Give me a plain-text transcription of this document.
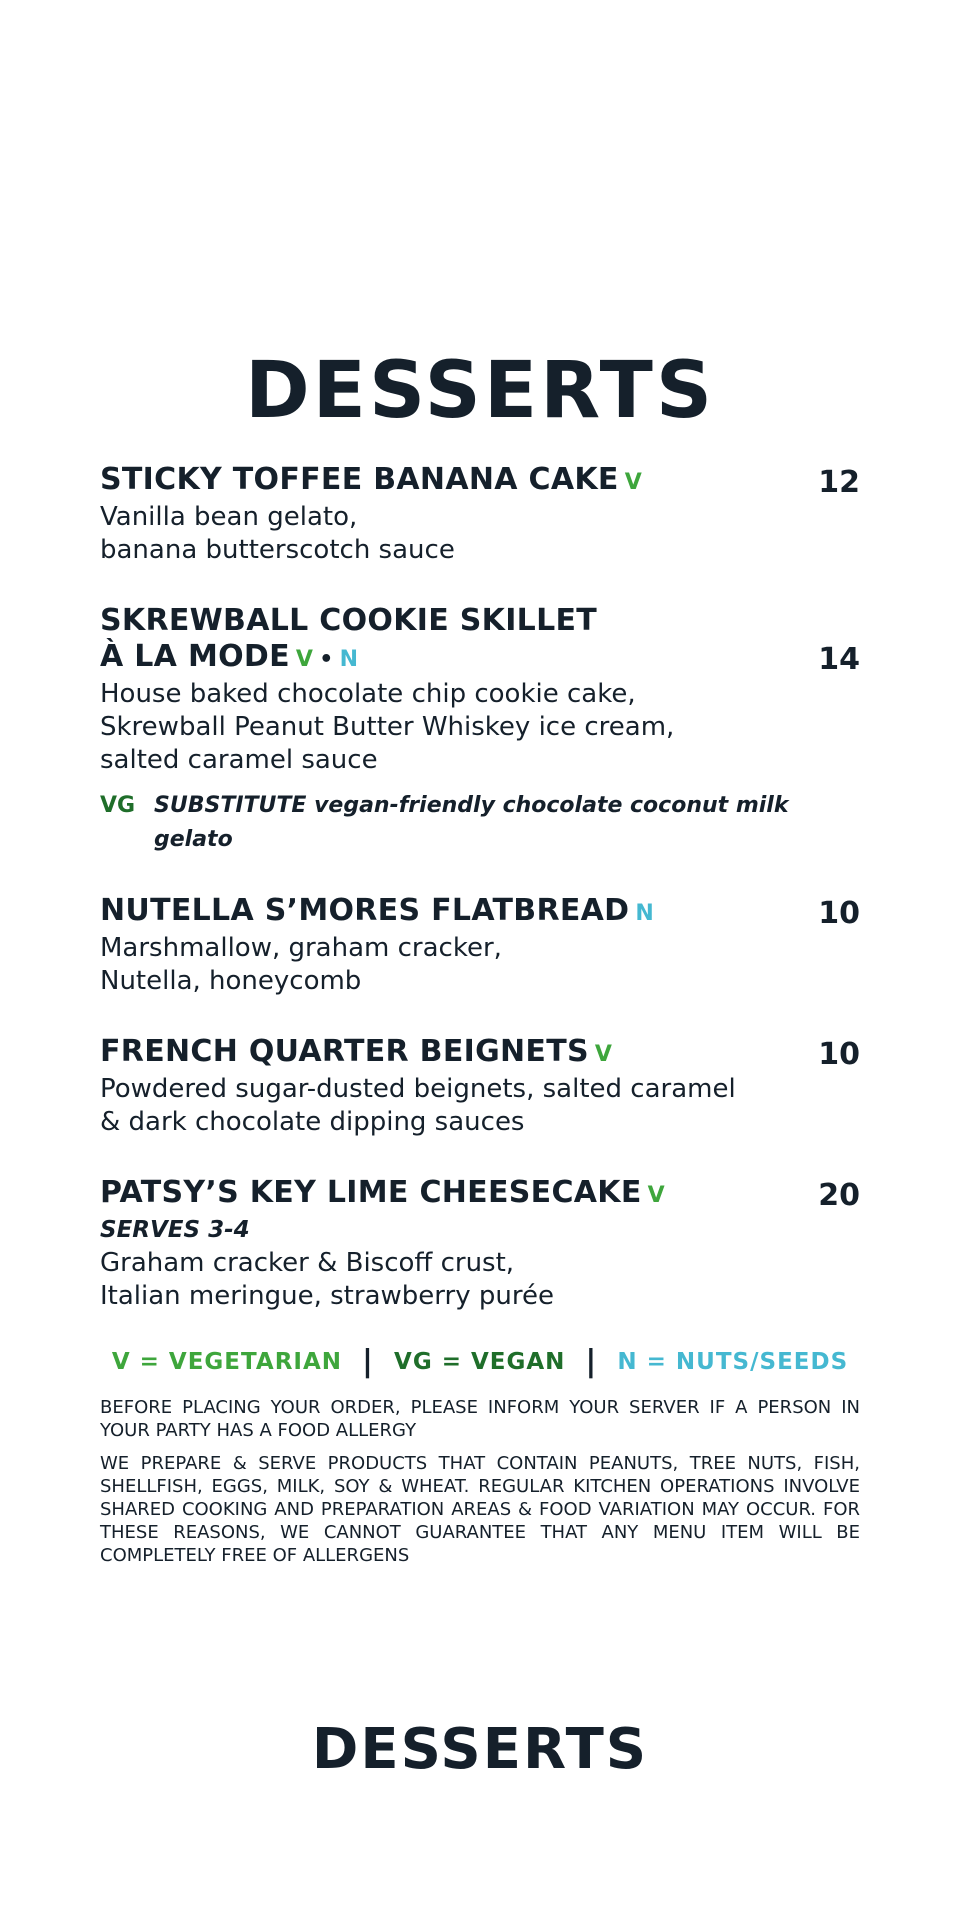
DESSERTS
STICKY TOFFEE BANANA CAKE V	12
Vanilla bean gelato,
banana butterscotch sauce
SKREWBALL COOKIE SKILLET
À LA MODE V • N	14
House baked chocolate chip cookie cake,
Skrewball Peanut Butter Whiskey ice cream,
salted caramel sauce
VG SUBSTITUTE vegan-friendly chocolate coconut milk gelato
NUTELLA S’MORES FLATBREAD N	10
Marshmallow, graham cracker,
Nutella, honeycomb
FRENCH QUARTER BEIGNETS V	10
Powdered sugar-dusted beignets, salted caramel
& dark chocolate dipping sauces
PATSY’S KEY LIME CHEESECAKE V	20
SERVES 3-4
Graham cracker & Biscoff crust,
Italian meringue, strawberry purée
V = VEGETARIAN | VG = VEGAN | N = NUTS/SEEDS
BEFORE PLACING YOUR ORDER, PLEASE INFORM YOUR SERVER IF A PERSON IN YOUR PARTY HAS A FOOD ALLERGY
WE PREPARE & SERVE PRODUCTS THAT CONTAIN PEANUTS, TREE NUTS, FISH, SHELLFISH, EGGS, MILK, SOY & WHEAT. REGULAR KITCHEN OPERATIONS INVOLVE SHARED COOKING AND PREPARATION AREAS & FOOD VARIATION MAY OCCUR. FOR THESE REASONS, WE CANNOT GUARANTEE THAT ANY MENU ITEM WILL BE COMPLETELY FREE OF ALLERGENS
DESSERTS
